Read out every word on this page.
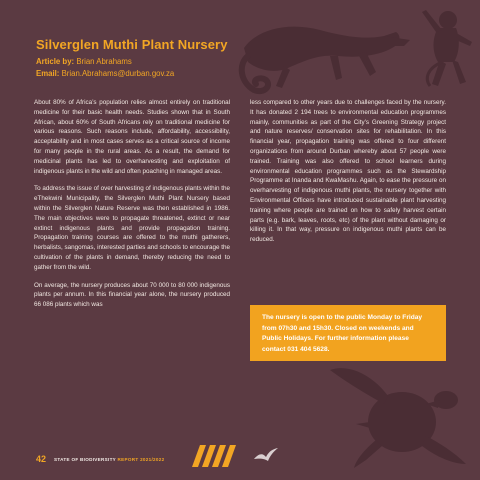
Silverglen Muthi Plant Nursery
Article by: Brian Abrahams
Email: Brian.Abrahams@durban.gov.za

About 80% of Africa’s population relies almost entirely on traditional medicine for their basic health needs. Studies shown that in South African, about 60% of South Africans rely on traditional medicine for various reasons. Such reasons include, affordability, accessibility, acceptability and in most cases serves as a critical source of income for many people in the rural areas. As a result, the demand for medicinal plants has led to overharvesting and exploitation of indigenous plants in the wild and often poaching in managed areas.

To address the issue of over harvesting of indigenous plants within the eThekwini Municipality, the Silverglen Muthi Plant Nursery based within the Silverglen Nature Reserve was then established in 1986. The main objectives were to propagate threatened, extinct or near extinct indigenous plants and provide propagation training. Propagation training courses are offered to the muthi gatherers, herbalists, sangomas, interested parties and schools to encourage the cultivation of the plants in demand, thereby reducing the need to gather from the wild.

On average, the nursery produces about 70 000 to 80 000 indigenous plants per annum. In this financial year alone, the nursery produced 66 086 plants which was

less compared to other years due to challenges faced by the nursery. It has donated 2 194 trees to environmental education programmes mainly, communities as part of the City’s Greening Strategy project and nature reserves/ conservation sites for rehabilitation. In this financial year, propagation training was offered to four different organizations from around Durban whereby about 57 people were trained. Training was also offered to school learners during environmental education programmes such as the Stewardship Programme at Inanda and KwaMashu. Again, to ease the pressure on overharvesting of indigenous muthi plants, the nursery together with Environmental Officers have introduced sustainable plant harvesting training where people are trained on how to safely harvest certain parts (e.g. bark, leaves, roots, etc) of the plant without damaging or killing it. In that way, pressure on indigenous muthi plants can be reduced.

The nursery is open to the public Monday to Friday from 07h30 and 15h30. Closed on weekends and Public Holidays. For further information please contact 031 404 5628.

42 STATE OF BIODIVERSITY REPORT 2021/2022
